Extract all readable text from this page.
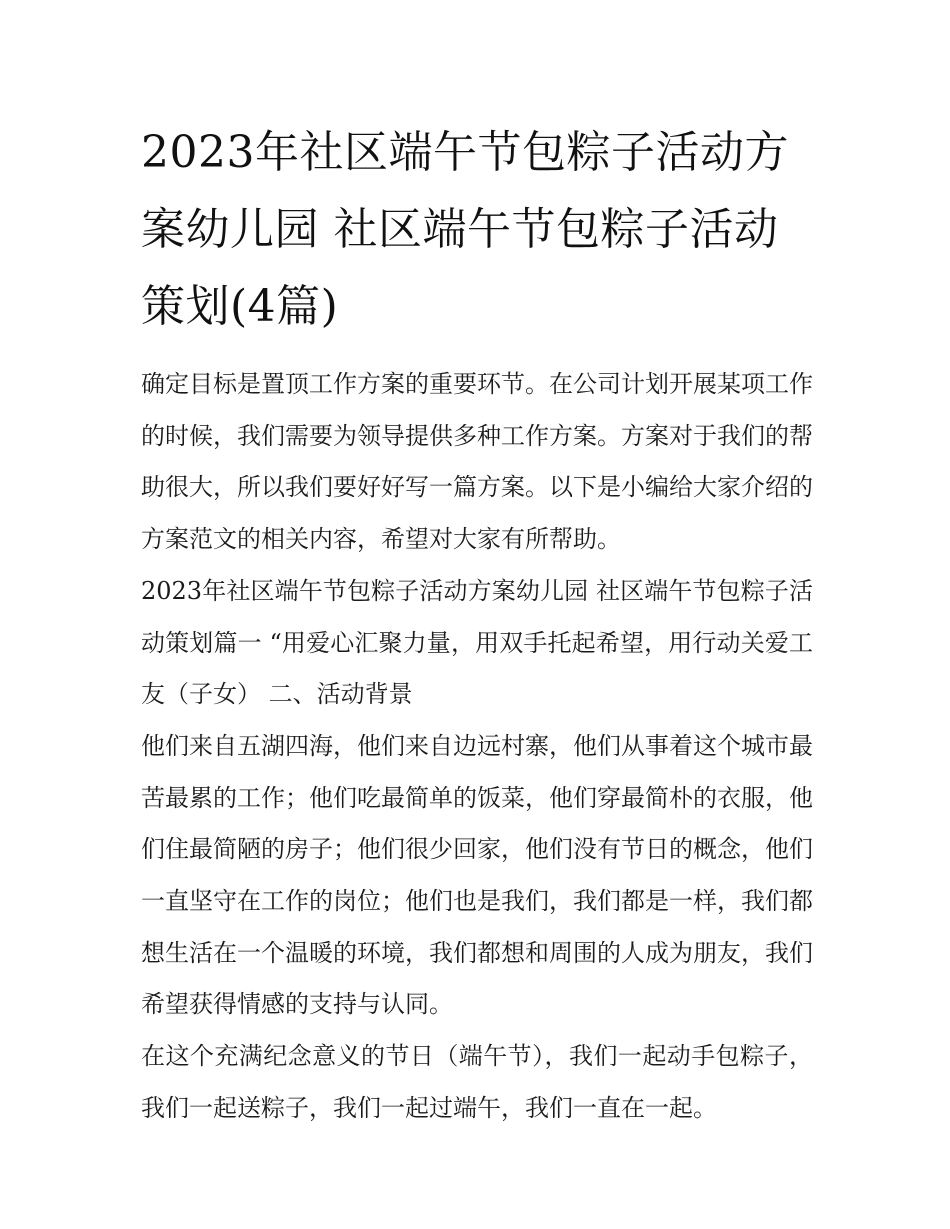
2023年社区端午节包粽子活动方案幼儿园 社区端午节包粽子活动策划(4篇)

确定目标是置顶工作方案的重要环节。在公司计划开展某项工作的时候，我们需要为领导提供多种工作方案。方案对于我们的帮助很大，所以我们要好好写一篇方案。以下是小编给大家介绍的方案范文的相关内容，希望对大家有所帮助。

2023年社区端午节包粽子活动方案幼儿园 社区端午节包粽子活动策划篇一 “用爱心汇聚力量，用双手托起希望，用行动关爱工友（子女） 二、活动背景

他们来自五湖四海，他们来自边远村寨，他们从事着这个城市最苦最累的工作；他们吃最简单的饭菜，他们穿最简朴的衣服，他们住最简陋的房子；他们很少回家，他们没有节日的概念，他们一直坚守在工作的岗位；他们也是我们，我们都是一样，我们都想生活在一个温暖的环境，我们都想和周围的人成为朋友，我们希望获得情感的支持与认同。

在这个充满纪念意义的节日（端午节），我们一起动手包粽子，我们一起送粽子，我们一起过端午，我们一直在一起。
